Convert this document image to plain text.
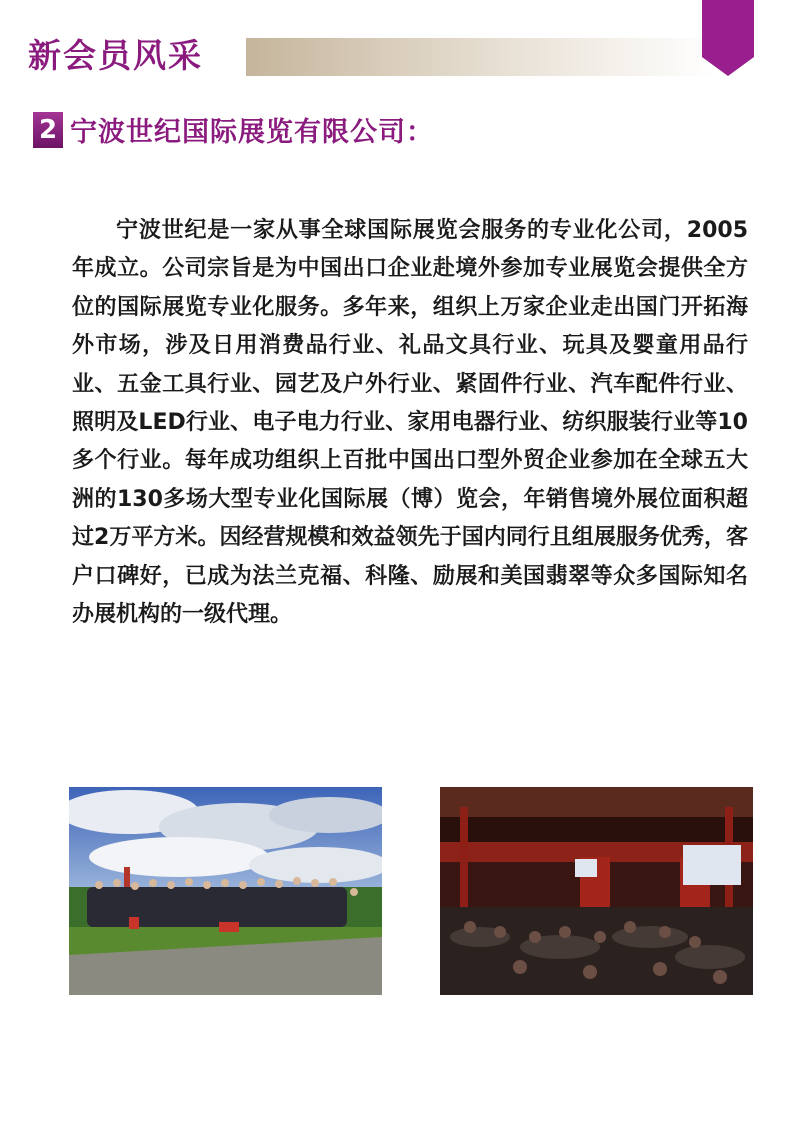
新会员风采
2 宁波世纪国际展览有限公司：

宁波世纪是一家从事全球国际展览会服务的专业化公司，2005年成立。公司宗旨是为中国出口企业赴境外参加专业展览会提供全方位的国际展览专业化服务。多年来，组织上万家企业走出国门开拓海外市场，涉及日用消费品行业、礼品文具行业、玩具及婴童用品行业、五金工具行业、园艺及户外行业、紧固件行业、汽车配件行业、照明及LED行业、电子电力行业、家用电器行业、纺织服装行业等10多个行业。每年成功组织上百批中国出口型外贸企业参加在全球五大洲的130多场大型专业化国际展（博）览会，年销售境外展位面积超过2万平方米。因经营规模和效益领先于国内同行且组展服务优秀，客户口碑好，已成为法兰克福、科隆、励展和美国翡翠等众多国际知名办展机构的一级代理。
